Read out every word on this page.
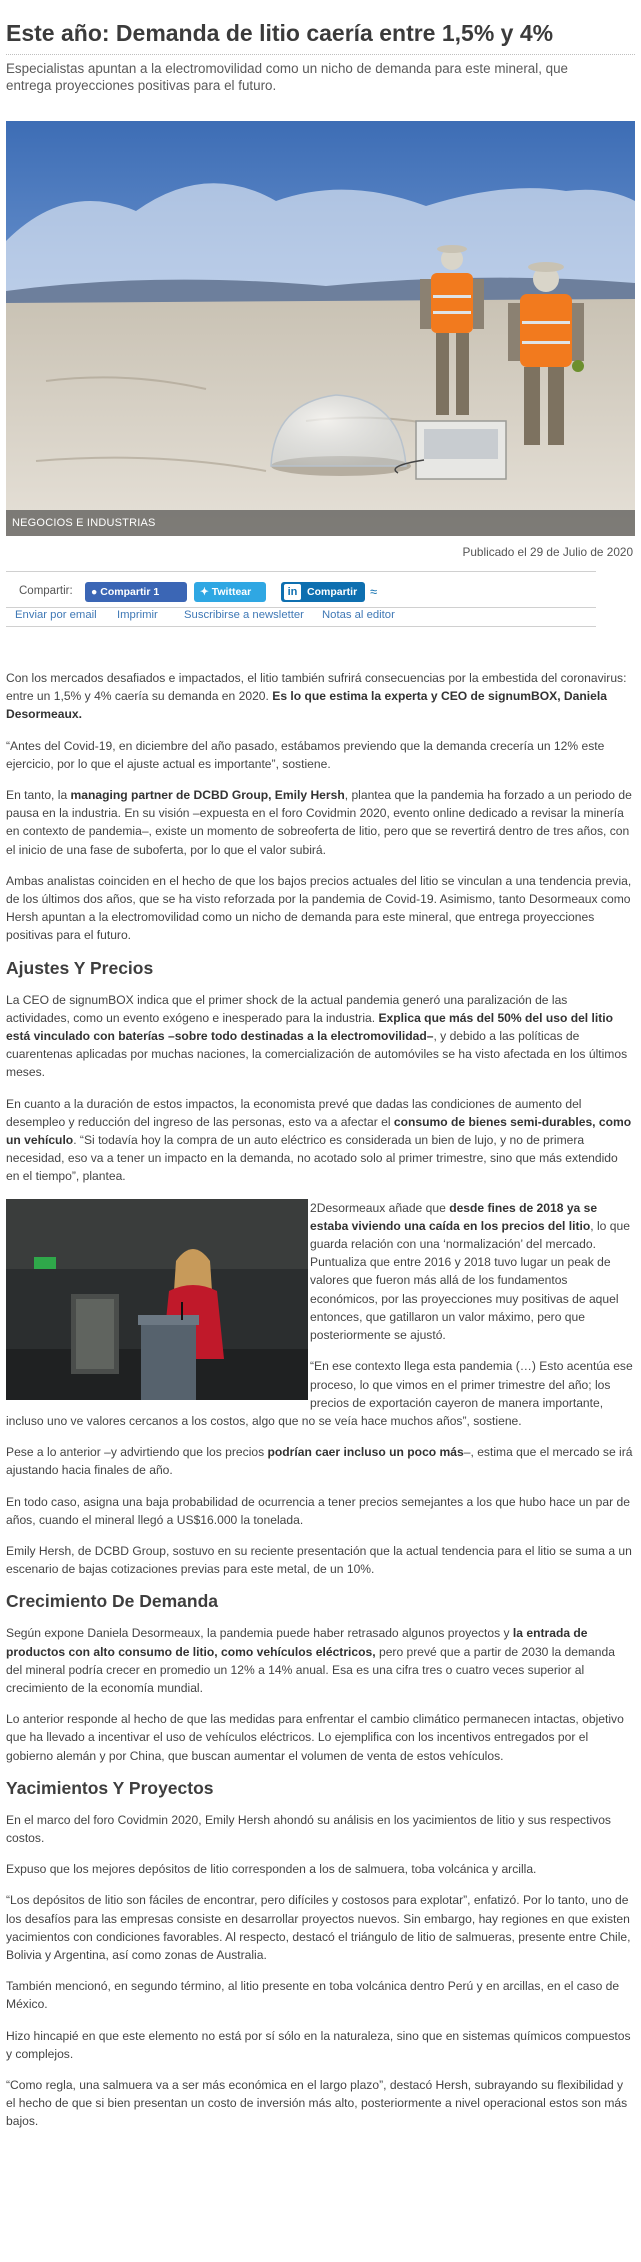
Este año: Demanda de litio caería entre 1,5% y 4%

Especialistas apuntan a la electromovilidad como un nicho de demanda para este mineral, que entrega proyecciones positivas para el futuro.

NEGOCIOS E INDUSTRIAS
Publicado el 29 de Julio de 2020
Compartir:	● Compartir 1	✦ Twittear	in Compartir ≈
Enviar por email Imprimir Suscribirse a newsletter Notas al editor

Con los mercados desafiados e impactados, el litio también sufrirá consecuencias por la embestida del coronavirus: entre un 1,5% y 4% caería su demanda en 2020. Es lo que estima la experta y CEO de signumBOX, Daniela Desormeaux.

“Antes del Covid-19, en diciembre del año pasado, estábamos previendo que la demanda crecería un 12% este ejercicio, por lo que el ajuste actual es importante”, sostiene.

En tanto, la managing partner de DCBD Group, Emily Hersh, plantea que la pandemia ha forzado a un periodo de pausa en la industria. En su visión –expuesta en el foro Covidmin 2020, evento online dedicado a revisar la minería en contexto de pandemia–, existe un momento de sobreoferta de litio, pero que se revertirá dentro de tres años, con el inicio de una fase de suboferta, por lo que el valor subirá.

Ambas analistas coinciden en el hecho de que los bajos precios actuales del litio se vinculan a una tendencia previa, de los últimos dos años, que se ha visto reforzada por la pandemia de Covid-19. Asimismo, tanto Desormeaux como Hersh apuntan a la electromovilidad como un nicho de demanda para este mineral, que entrega proyecciones positivas para el futuro.

Ajustes Y Precios

La CEO de signumBOX indica que el primer shock de la actual pandemia generó una paralización de las actividades, como un evento exógeno e inesperado para la industria. Explica que más del 50% del uso del litio está vinculado con baterías –sobre todo destinadas a la electromovilidad–, y debido a las políticas de cuarentenas aplicadas por muchas naciones, la comercialización de automóviles se ha visto afectada en los últimos meses.

En cuanto a la duración de estos impactos, la economista prevé que dadas las condiciones de aumento del desempleo y reducción del ingreso de las personas, esto va a afectar el consumo de bienes semi-durables, como un vehículo. “Si todavía hoy la compra de un auto eléctrico es considerada un bien de lujo, y no de primera necesidad, eso va a tener un impacto en la demanda, no acotado solo al primer trimestre, sino que más extendido en el tiempo”, plantea.

2Desormeaux añade que desde fines de 2018 ya se estaba viviendo una caída en los precios del litio, lo que guarda relación con una ‘normalización’ del mercado. Puntualiza que entre 2016 y 2018 tuvo lugar un peak de valores que fueron más allá de los fundamentos económicos, por las proyecciones muy positivas de aquel entonces, que gatillaron un valor máximo, pero que posteriormente se ajustó.

“En ese contexto llega esta pandemia (…) Esto acentúa ese proceso, lo que vimos en el primer trimestre del año; los precios de exportación cayeron de manera importante, incluso uno ve valores cercanos a los costos, algo que no se veía hace muchos años”, sostiene.

Pese a lo anterior –y advirtiendo que los precios podrían caer incluso un poco más–, estima que el mercado se irá ajustando hacia finales de año.

En todo caso, asigna una baja probabilidad de ocurrencia a tener precios semejantes a los que hubo hace un par de años, cuando el mineral llegó a US$16.000 la tonelada.

Emily Hersh, de DCBD Group, sostuvo en su reciente presentación que la actual tendencia para el litio se suma a un escenario de bajas cotizaciones previas para este metal, de un 10%.

Crecimiento De Demanda

Según expone Daniela Desormeaux, la pandemia puede haber retrasado algunos proyectos y la entrada de productos con alto consumo de litio, como vehículos eléctricos, pero prevé que a partir de 2030 la demanda del mineral podría crecer en promedio un 12% a 14% anual. Esa es una cifra tres o cuatro veces superior al crecimiento de la economía mundial.

Lo anterior responde al hecho de que las medidas para enfrentar el cambio climático permanecen intactas, objetivo que ha llevado a incentivar el uso de vehículos eléctricos. Lo ejemplifica con los incentivos entregados por el gobierno alemán y por China, que buscan aumentar el volumen de venta de estos vehículos.

Yacimientos Y Proyectos

En el marco del foro Covidmin 2020, Emily Hersh ahondó su análisis en los yacimientos de litio y sus respectivos costos.

Expuso que los mejores depósitos de litio corresponden a los de salmuera, toba volcánica y arcilla.

“Los depósitos de litio son fáciles de encontrar, pero difíciles y costosos para explotar”, enfatizó. Por lo tanto, uno de los desafíos para las empresas consiste en desarrollar proyectos nuevos. Sin embargo, hay regiones en que existen yacimientos con condiciones favorables. Al respecto, destacó el triángulo de litio de salmueras, presente entre Chile, Bolivia y Argentina, así como zonas de Australia.

También mencionó, en segundo término, al litio presente en toba volcánica dentro Perú y en arcillas, en el caso de México.

Hizo hincapié en que este elemento no está por sí sólo en la naturaleza, sino que en sistemas químicos compuestos y complejos.

“Como regla, una salmuera va a ser más económica en el largo plazo”, destacó Hersh, subrayando su flexibilidad y el hecho de que si bien presentan un costo de inversión más alto, posteriormente a nivel operacional estos son más bajos.
